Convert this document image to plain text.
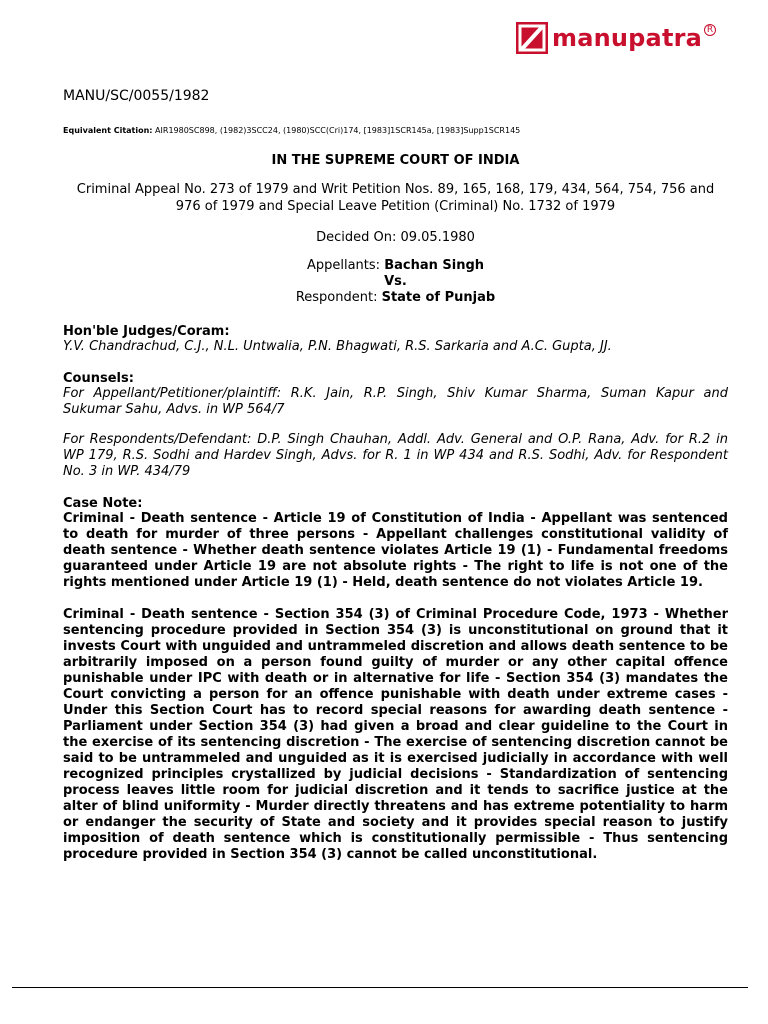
manupatra R
MANU/SC/0055/1982
Equivalent Citation: AIR1980SC898, (1982)3SCC24, (1980)SCC(Cri)174, [1983]1SCR145a, [1983]Supp1SCR145
IN THE SUPREME COURT OF INDIA
Criminal Appeal No. 273 of 1979 and Writ Petition Nos. 89, 165, 168, 179, 434, 564, 754, 756 and 976 of 1979 and Special Leave Petition (Criminal) No. 1732 of 1979
Decided On: 09.05.1980
Appellants: Bachan Singh
Vs.
Respondent: State of Punjab
Hon'ble Judges/Coram:
Y.V. Chandrachud, C.J., N.L. Untwalia, P.N. Bhagwati, R.S. Sarkaria and A.C. Gupta, JJ.
Counsels:
For Appellant/Petitioner/plaintiff: R.K. Jain, R.P. Singh, Shiv Kumar Sharma, Suman Kapur and Sukumar Sahu, Advs. in WP 564/7
For Respondents/Defendant: D.P. Singh Chauhan, Addl. Adv. General and O.P. Rana, Adv. for R.2 in WP 179, R.S. Sodhi and Hardev Singh, Advs. for R. 1 in WP 434 and R.S. Sodhi, Adv. for Respondent No. 3 in WP. 434/79
Case Note:
Criminal - Death sentence - Article 19 of Constitution of India - Appellant was sentenced to death for murder of three persons - Appellant challenges constitutional validity of death sentence - Whether death sentence violates Article 19 (1) - Fundamental freedoms guaranteed under Article 19 are not absolute rights - The right to life is not one of the rights mentioned under Article 19 (1) - Held, death sentence do not violates Article 19.
Criminal - Death sentence - Section 354 (3) of Criminal Procedure Code, 1973 - Whether sentencing procedure provided in Section 354 (3) is unconstitutional on ground that it invests Court with unguided and untrammeled discretion and allows death sentence to be arbitrarily imposed on a person found guilty of murder or any other capital offence punishable under IPC with death or in alternative for life - Section 354 (3) mandates the Court convicting a person for an offence punishable with death under extreme cases - Under this Section Court has to record special reasons for awarding death sentence - Parliament under Section 354 (3) had given a broad and clear guideline to the Court in the exercise of its sentencing discretion - The exercise of sentencing discretion cannot be said to be untrammeled and unguided as it is exercised judicially in accordance with well recognized principles crystallized by judicial decisions - Standardization of sentencing process leaves little room for judicial discretion and it tends to sacrifice justice at the alter of blind uniformity - Murder directly threatens and has extreme potentiality to harm or endanger the security of State and society and it provides special reason to justify imposition of death sentence which is constitutionally permissible - Thus sentencing procedure provided in Section 354 (3) cannot be called unconstitutional.
